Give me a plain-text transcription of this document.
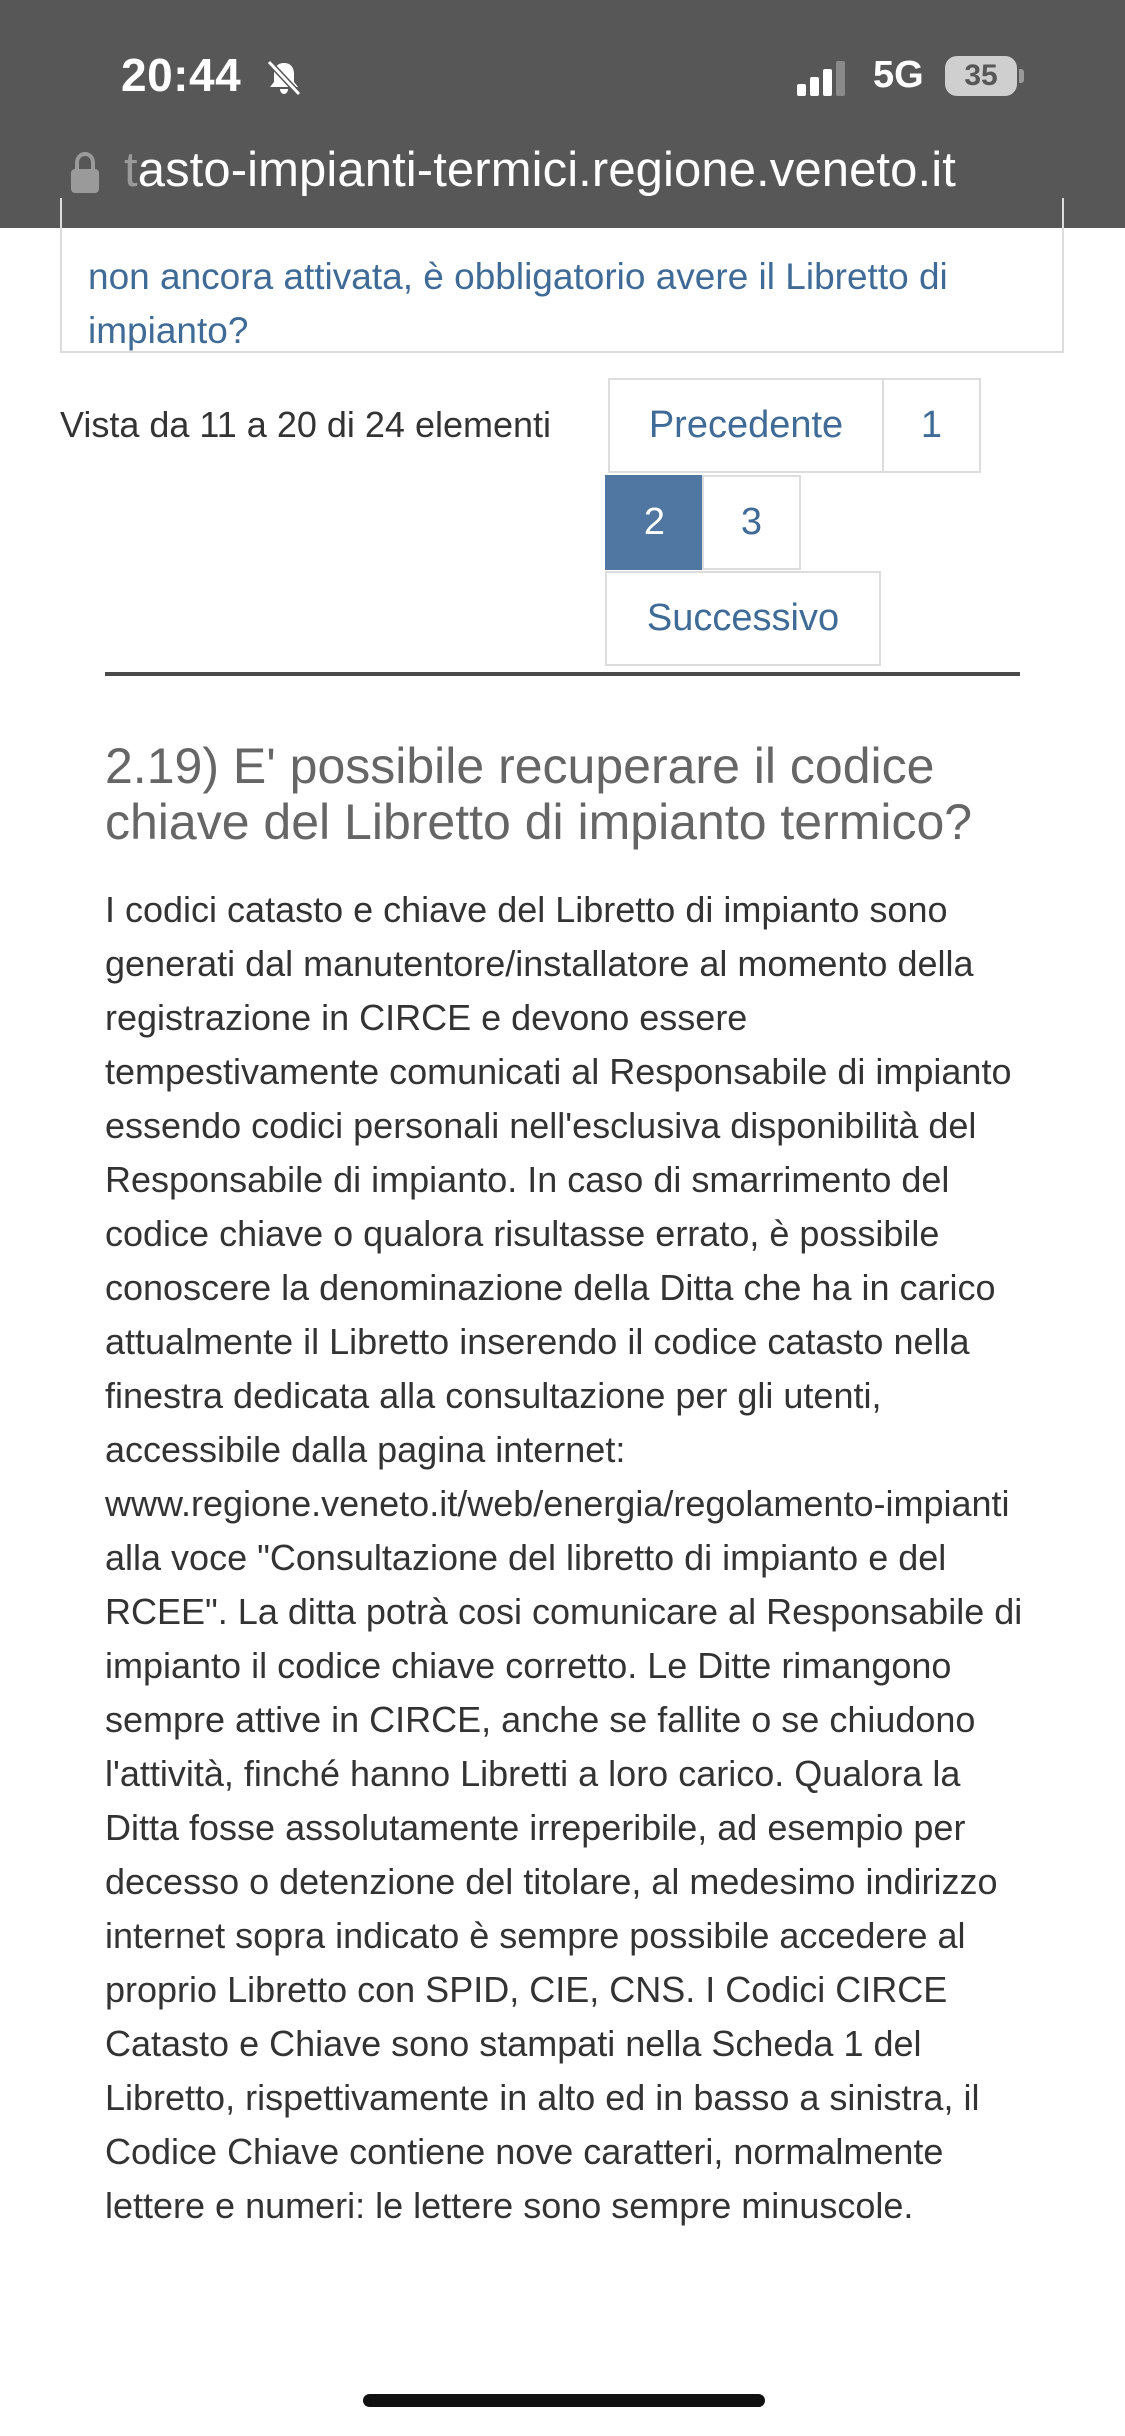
20:44	5G	35
tasto-impianti-termici.regione.veneto.it
non ancora attivata, è obbligatorio avere il Libretto di impianto?
Vista da 11 a 20 di 24 elementi	Precedente	1
2	3
Successivo
2.19) E' possibile recuperare il codice chiave del Libretto di impianto termico?

I codici catasto e chiave del Libretto di impianto sono generati dal manutentore/installatore al momento della registrazione in CIRCE e devono essere tempestivamente comunicati al Responsabile di impianto essendo codici personali nell'esclusiva disponibilità del Responsabile di impianto. In caso di smarrimento del codice chiave o qualora risultasse errato, è possibile conoscere la denominazione della Ditta che ha in carico attualmente il Libretto inserendo il codice catasto nella finestra dedicata alla consultazione per gli utenti, accessibile dalla pagina internet: www.regione.veneto.it/web/energia/regolamento-impianti alla voce "Consultazione del libretto di impianto e del RCEE". La ditta potrà cosi comunicare al Responsabile di impianto il codice chiave corretto. Le Ditte rimangono sempre attive in CIRCE, anche se fallite o se chiudono l'attività, finché hanno Libretti a loro carico. Qualora la Ditta fosse assolutamente irreperibile, ad esempio per decesso o detenzione del titolare, al medesimo indirizzo internet sopra indicato è sempre possibile accedere al proprio Libretto con SPID, CIE, CNS. I Codici CIRCE Catasto e Chiave sono stampati nella Scheda 1 del Libretto, rispettivamente in alto ed in basso a sinistra, il Codice Chiave contiene nove caratteri, normalmente lettere e numeri: le lettere sono sempre minuscole.
